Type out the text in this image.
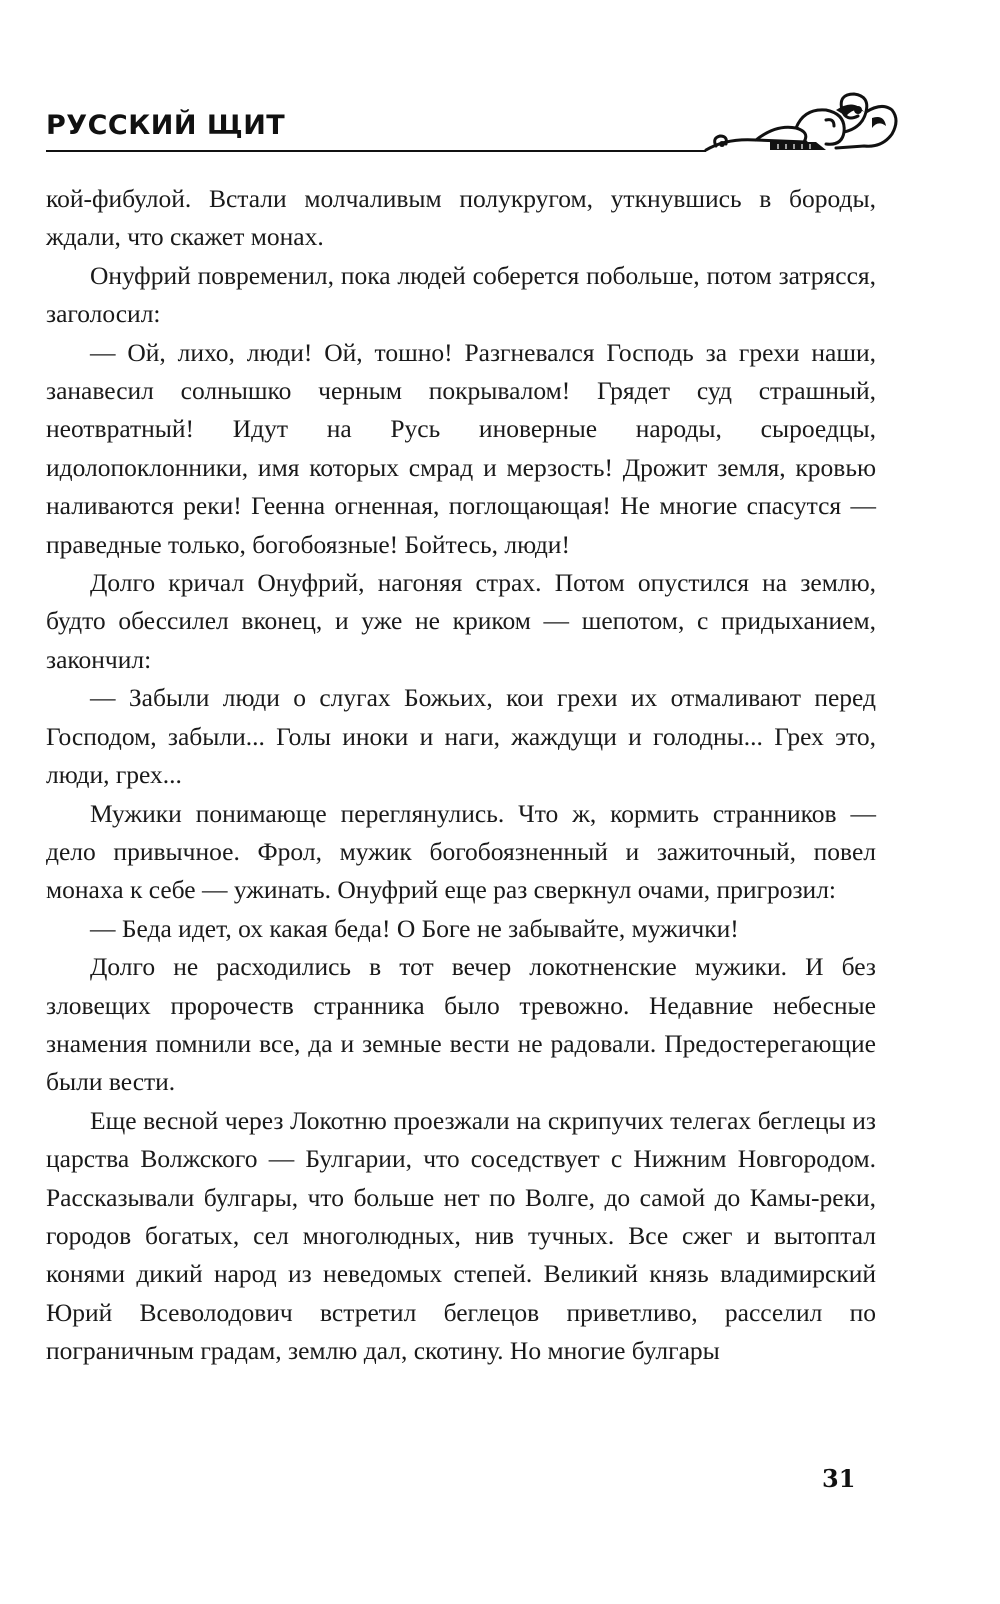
РУССКИЙ ЩИТ

кой-фибулой. Встали молчаливым полукругом, уткнувшись в бороды, ждали, что скажет монах.

Онуфрий повременил, пока людей соберется побольше, потом затрясся, заголосил:

— Ой, лихо, люди! Ой, тошно! Разгневался Господь за грехи наши, занавесил солнышко черным покрывалом! Грядет суд страшный, неотвратный! Идут на Русь иноверные народы, сыроедцы, идолопоклонники, имя которых смрад и мерзость! Дрожит земля, кровью наливаются реки! Геенна огненная, поглощающая! Не многие спасутся — праведные только, богобоязные! Бойтесь, люди!

Долго кричал Онуфрий, нагоняя страх. Потом опустился на землю, будто обессилел вконец, и уже не криком — шепотом, с придыханием, закончил:

— Забыли люди о слугах Божьих, кои грехи их отмаливают перед Господом, забыли... Голы иноки и наги, жаждущи и голодны... Грех это, люди, грех...

Мужики понимающе переглянулись. Что ж, кормить странников — дело привычное. Фрол, мужик богобоязненный и зажиточный, повел монаха к себе — ужинать. Онуфрий еще раз сверкнул очами, пригрозил:

— Беда идет, ох какая беда! О Боге не забывайте, мужички!

Долго не расходились в тот вечер локотненские мужики. И без зловещих пророчеств странника было тревожно. Недавние небесные знамения помнили все, да и земные вести не радовали. Предостерегающие были вести.

Еще весной через Локотню проезжали на скрипучих телегах беглецы из царства Волжского — Булгарии, что соседствует с Нижним Новгородом. Рассказывали булгары, что больше нет по Волге, до самой до Камы-реки, городов богатых, сел многолюдных, нив тучных. Все сжег и вытоптал конями дикий народ из неведомых степей. Великий князь владимирский Юрий Всеволодович встретил беглецов приветливо, расселил по пограничным градам, землю дал, скотину. Но многие булгары

31
